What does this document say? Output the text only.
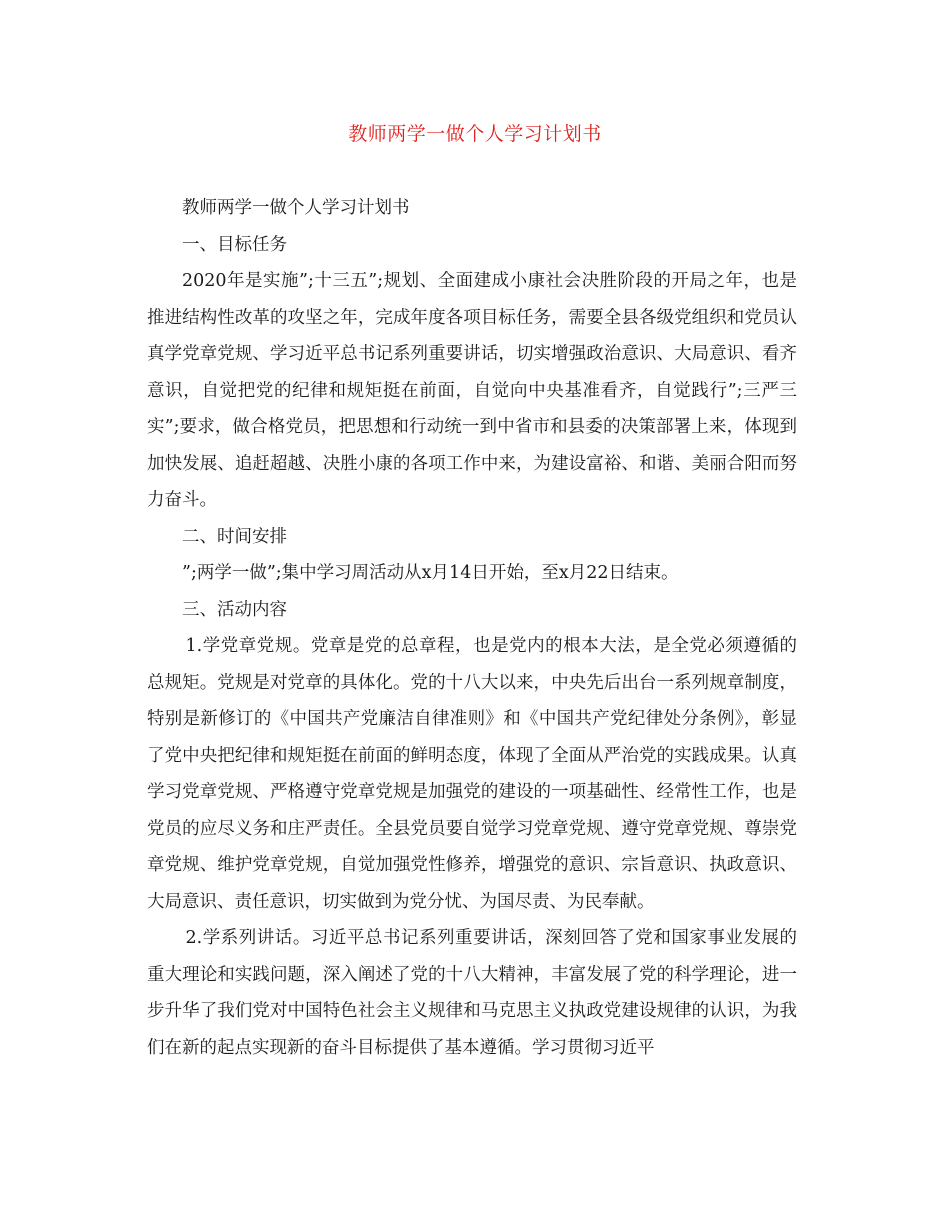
教师两学一做个人学习计划书

教师两学一做个人学习计划书

一、目标任务

2020年是实施”;十三五”;规划、全面建成小康社会决胜阶段的开局之年，也是推进结构性改革的攻坚之年，完成年度各项目标任务，需要全县各级党组织和党员认真学党章党规、学习近平总书记系列重要讲话，切实增强政治意识、大局意识、看齐意识，自觉把党的纪律和规矩挺在前面，自觉向中央基准看齐，自觉践行”;三严三实”;要求，做合格党员，把思想和行动统一到中省市和县委的决策部署上来，体现到加快发展、追赶超越、决胜小康的各项工作中来，为建设富裕、和谐、美丽合阳而努力奋斗。

二、时间安排

”;两学一做”;集中学习周活动从x月14日开始，至x月22日结束。

三、活动内容

1.学党章党规。党章是党的总章程，也是党内的根本大法，是全党必须遵循的总规矩。党规是对党章的具体化。党的十八大以来，中央先后出台一系列规章制度，特别是新修订的《中国共产党廉洁自律准则》和《中国共产党纪律处分条例》，彰显了党中央把纪律和规矩挺在前面的鲜明态度，体现了全面从严治党的实践成果。认真学习党章党规、严格遵守党章党规是加强党的建设的一项基础性、经常性工作，也是党员的应尽义务和庄严责任。全县党员要自觉学习党章党规、遵守党章党规、尊崇党章党规、维护党章党规，自觉加强党性修养，增强党的意识、宗旨意识、执政意识、大局意识、责任意识，切实做到为党分忧、为国尽责、为民奉献。

2.学系列讲话。习近平总书记系列重要讲话，深刻回答了党和国家事业发展的重大理论和实践问题，深入阐述了党的十八大精神，丰富发展了党的科学理论，进一步升华了我们党对中国特色社会主义规律和马克思主义执政党建设规律的认识，为我们在新的起点实现新的奋斗目标提供了基本遵循。学习贯彻习近平
